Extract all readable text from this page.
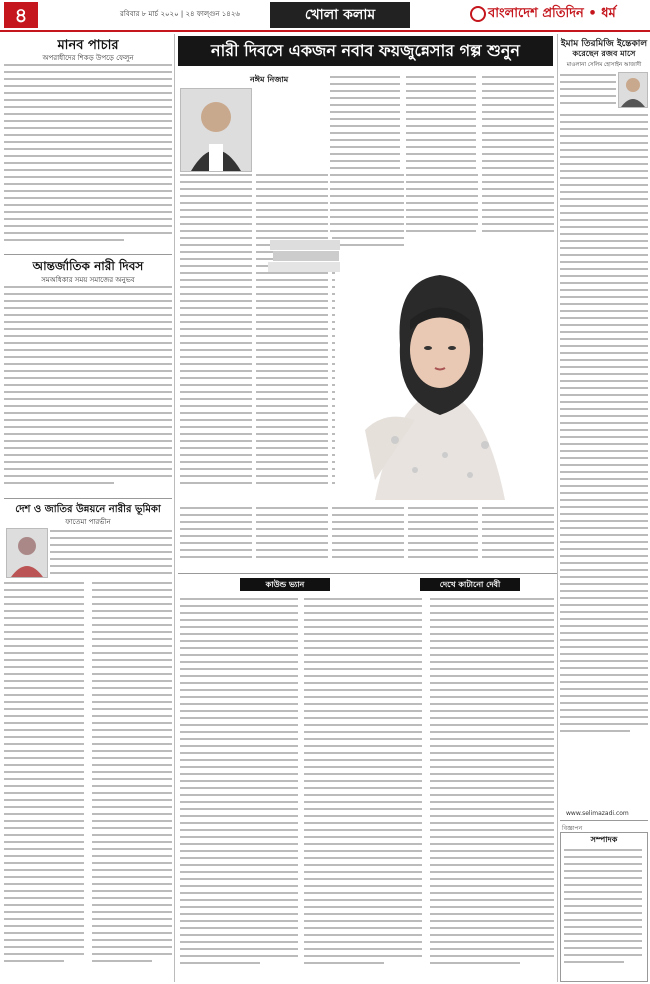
৪	রবিবার ৮ মার্চ ২০২০ | ২৪ ফাল্গুন ১৪২৬	খোলা কলাম	বাংলাদেশ প্রতিদিন • ধর্ম
মানব পাচার
অপরাধীদের শিকড় উপড়ে ফেলুন
আন্তর্জাতিক নারী দিবস
সমঅধিকার সময় সমাজের অনুভব
দেশ ও জাতির উন্নয়নে নারীর ভূমিকা
ফাতেমা পারভীন
নারী দিবসে একজন নবাব ফয়জুন্নেসার গল্প শুনুন
নঈম নিজাম
কাউন্ড ভ্যান	দেখে কাটানো দেবী
ইমাম তিরমিজি ইন্তেকাল
করেছেন রজব মাসে
মাওলানা সেলিম হোসাইন আজাদী
www.selimazadi.com
বিজ্ঞাপন
সম্পাদক
